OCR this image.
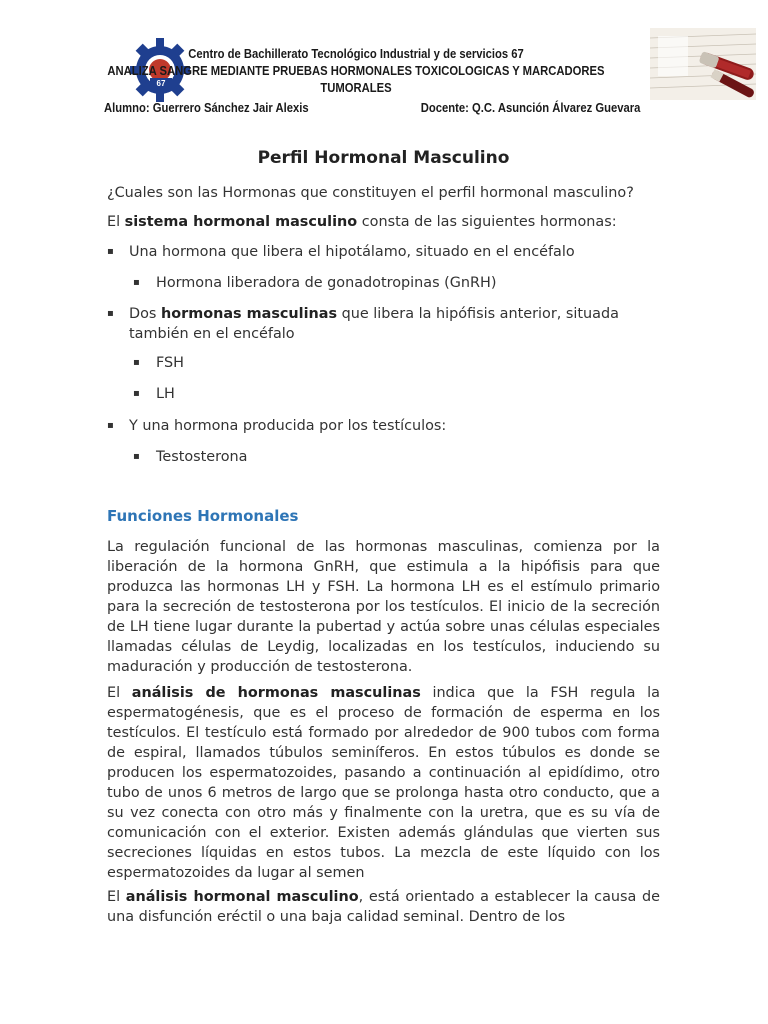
67
Centro de Bachillerato Tecnológico Industrial y de servicios 67
ANALIZA SANGRE MEDIANTE PRUEBAS HORMONALES TOXICOLOGICAS Y MARCADORES
TUMORALES
Alumno: Guerrero Sánchez Jair Alexis	Docente: Q.C. Asunción Álvarez Guevara
Perfil Hormonal Masculino
¿Cuales son las Hormonas que constituyen el perfil hormonal masculino?
El sistema hormonal masculino consta de las siguientes hormonas:
▪ Una hormona que libera el hipotálamo, situado en el encéfalo
▪ Hormona liberadora de gonadotropinas (GnRH)
▪ Dos hormonas masculinas que libera la hipófisis anterior, situada también en el encéfalo
▪ FSH
▪ LH
▪ Y una hormona producida por los testículos:
▪ Testosterona
Funciones Hormonales
La regulación funcional de las hormonas masculinas, comienza por la liberación de la hormona GnRH, que estimula a la hipófisis para que produzca las hormonas LH y FSH. La hormona LH es el estímulo primario para la secreción de testosterona por los testículos. El inicio de la secreción de LH tiene lugar durante la pubertad y actúa sobre unas células especiales llamadas células de Leydig, localizadas en los testículos, induciendo su maduración y producción de testosterona.
El análisis de hormonas masculinas indica que la FSH regula la espermatogénesis, que es el proceso de formación de esperma en los testículos. El testículo está formado por alrededor de 900 tubos com forma de espiral, llamados túbulos seminíferos. En estos túbulos es donde se producen los espermatozoides, pasando a continuación al epidídimo, otro tubo de unos 6 metros de largo que se prolonga hasta otro conducto, que a su vez conecta con otro más y finalmente con la uretra, que es su vía de comunicación con el exterior. Existen además glándulas que vierten sus secreciones líquidas en estos tubos. La mezcla de este líquido con los espermatozoides da lugar al semen
El análisis hormonal masculino, está orientado a establecer la causa de una disfunción eréctil o una baja calidad seminal. Dentro de los
